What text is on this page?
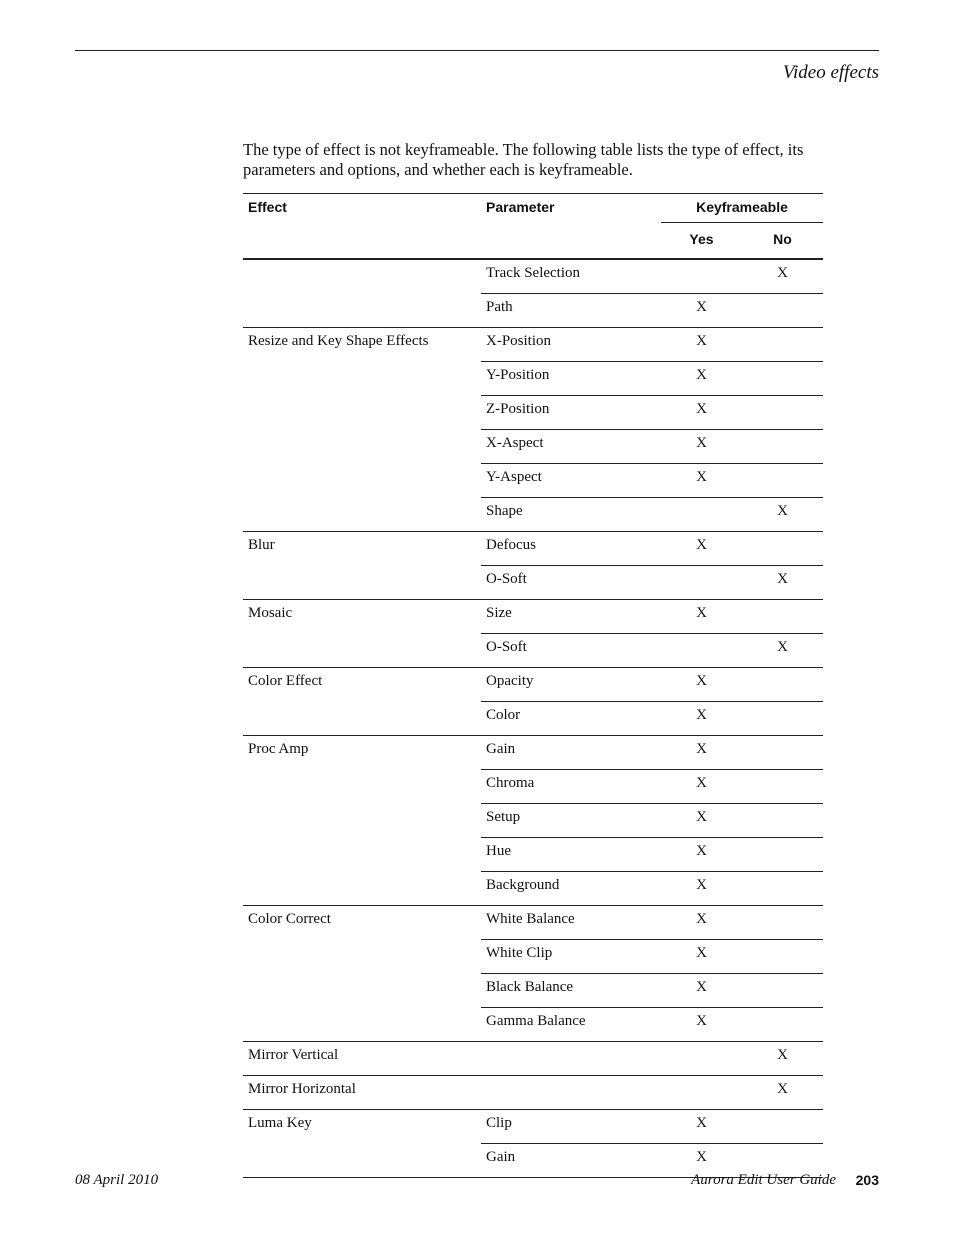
Video effects

The type of effect is not keyframeable. The following table lists the type of effect, its parameters and options, and whether each is keyframeable.

Effect	Parameter	Keyframeable	

		Yes	No
	Track Selection		X
	Path	X	
Resize and Key Shape Effects	X-Position	X	
	Y-Position	X	
	Z-Position	X	
	X-Aspect	X	
	Y-Aspect	X	
	Shape		X
Blur	Defocus	X	
	O-Soft		X
Mosaic	Size	X	
	O-Soft		X
Color Effect	Opacity	X	
	Color	X	
Proc Amp	Gain	X	
	Chroma	X	
	Setup	X	
	Hue	X	
	Background	X	
Color Correct	White Balance	X	
	White Clip	X	
	Black Balance	X	
	Gamma Balance	X	
Mirror Vertical			X
Mirror Horizontal			X
Luma Key	Clip	X	
	Gain	X	
08 April 2010	Aurora Edit User Guide 203
